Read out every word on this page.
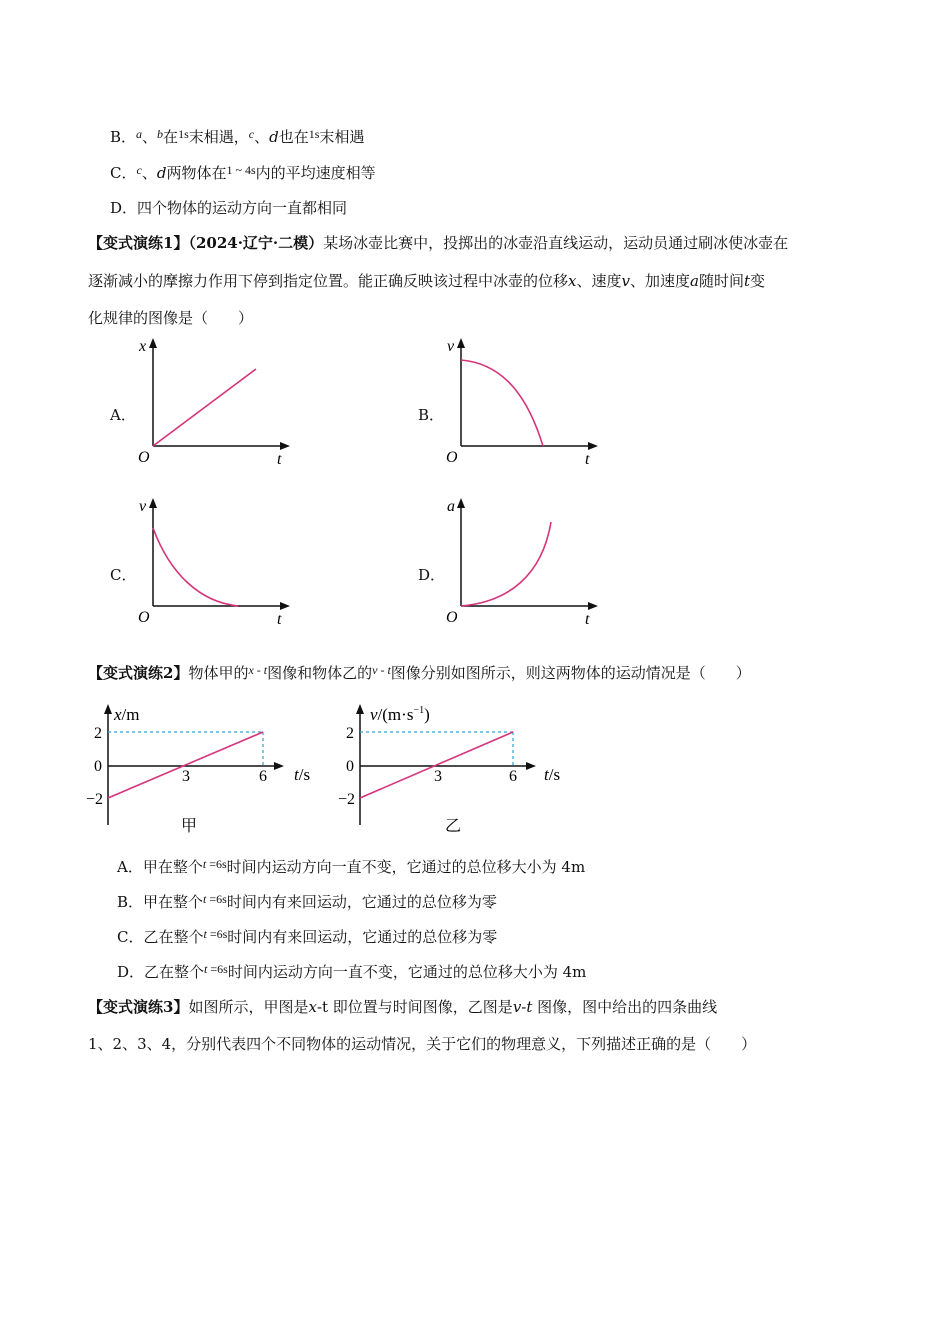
B．$^a$、$^b$在$^{1s}$末相遇，$^c$、d也在$^{1s}$末相遇
C．$^c$、d两物体在$^{1 \sim 4s}$内的平均速度相等
D．四个物体的运动方向一直都相同
【变式演练1】（2024·辽宁·二模）某场冰壶比赛中，投掷出的冰壶沿直线运动，运动员通过刷冰使冰壶在
逐渐减小的摩擦力作用下停到指定位置。能正确反映该过程中冰壶的位移x、速度v、加速度a随时间t变
化规律的图像是（　　）
A．
x
O	t
B．
v
O	t
C．
v
O	t
D．
a
O	t
【变式演练2】物体甲的$^{x - t}$图像和物体乙的$^{v - t}$图像分别如图所示，则这两物体的运动情况是（　　）
x/m
2
0
−2
3	6 t/s
甲
$v/(m\cdot s^{-1})$
2
0
−2
3	6 t/s
乙
A．甲在整个$^t$ $^{=6s}$时间内运动方向一直不变，它通过的总位移大小为 4m
B．甲在整个$^t$ $^{=6s}$时间内有来回运动，它通过的总位移为零
C．乙在整个$^t$ $^{=6s}$时间内有来回运动，它通过的总位移为零
D．乙在整个$^t$ $^{=6s}$时间内运动方向一直不变，它通过的总位移大小为 4m
【变式演练3】如图所示，甲图是x-t 即位置与时间图像，乙图是v-t 图像，图中给出的四条曲线
1、2、3、4，分别代表四个不同物体的运动情况，关于它们的物理意义，下列描述正确的是（　　）
